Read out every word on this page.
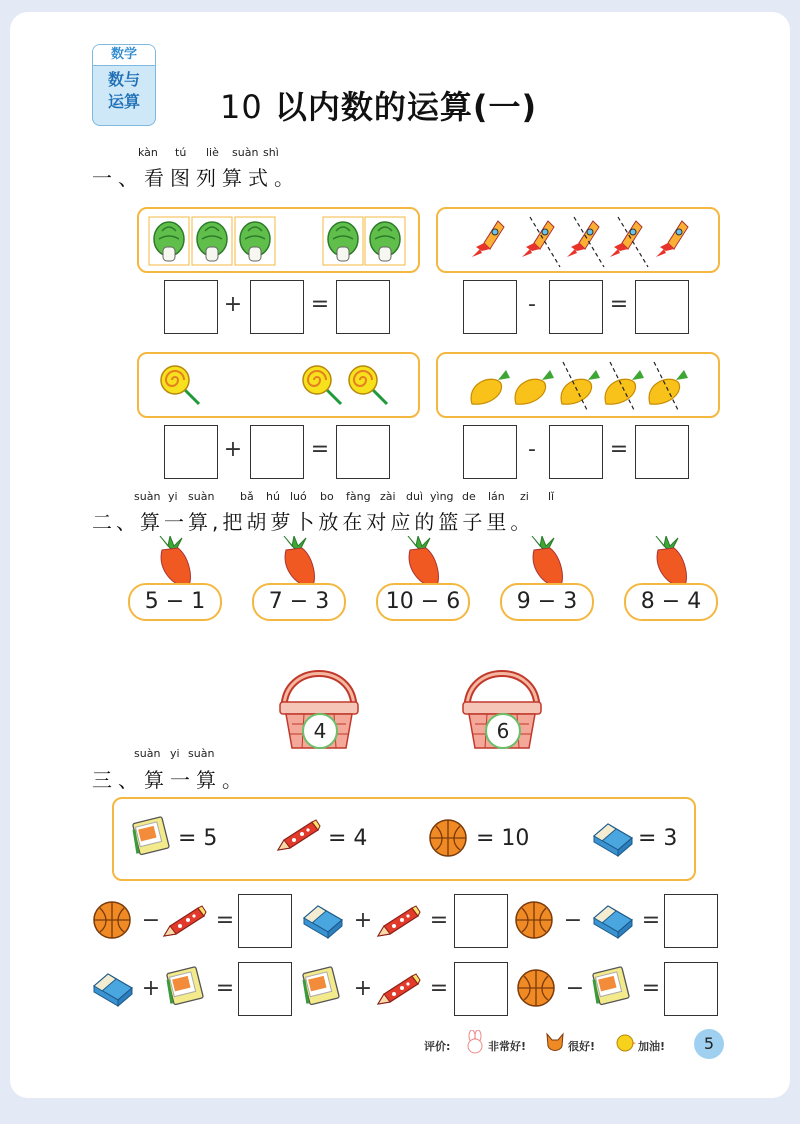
数学
数与
运算	10 以内数的运算(一)
kàn tú liè suàn shì
一、看图列算式。
+	=	-	=
+	=	-	=
suàn yi suàn bǎ hú luó bo fàng zài duì yìng de lán zi lǐ
二、算一算,把胡萝卜放在对应的篮子里。
5 − 1	7 − 3	10 − 6	9 − 3	8 − 4
4	6
suàn yi suàn
三、算一算。
= 5	= 4	= 10	= 3
−	=	+	=	−	=
+	=	+	=	−	=
评价:	非常好!	很好!	加油!	5
